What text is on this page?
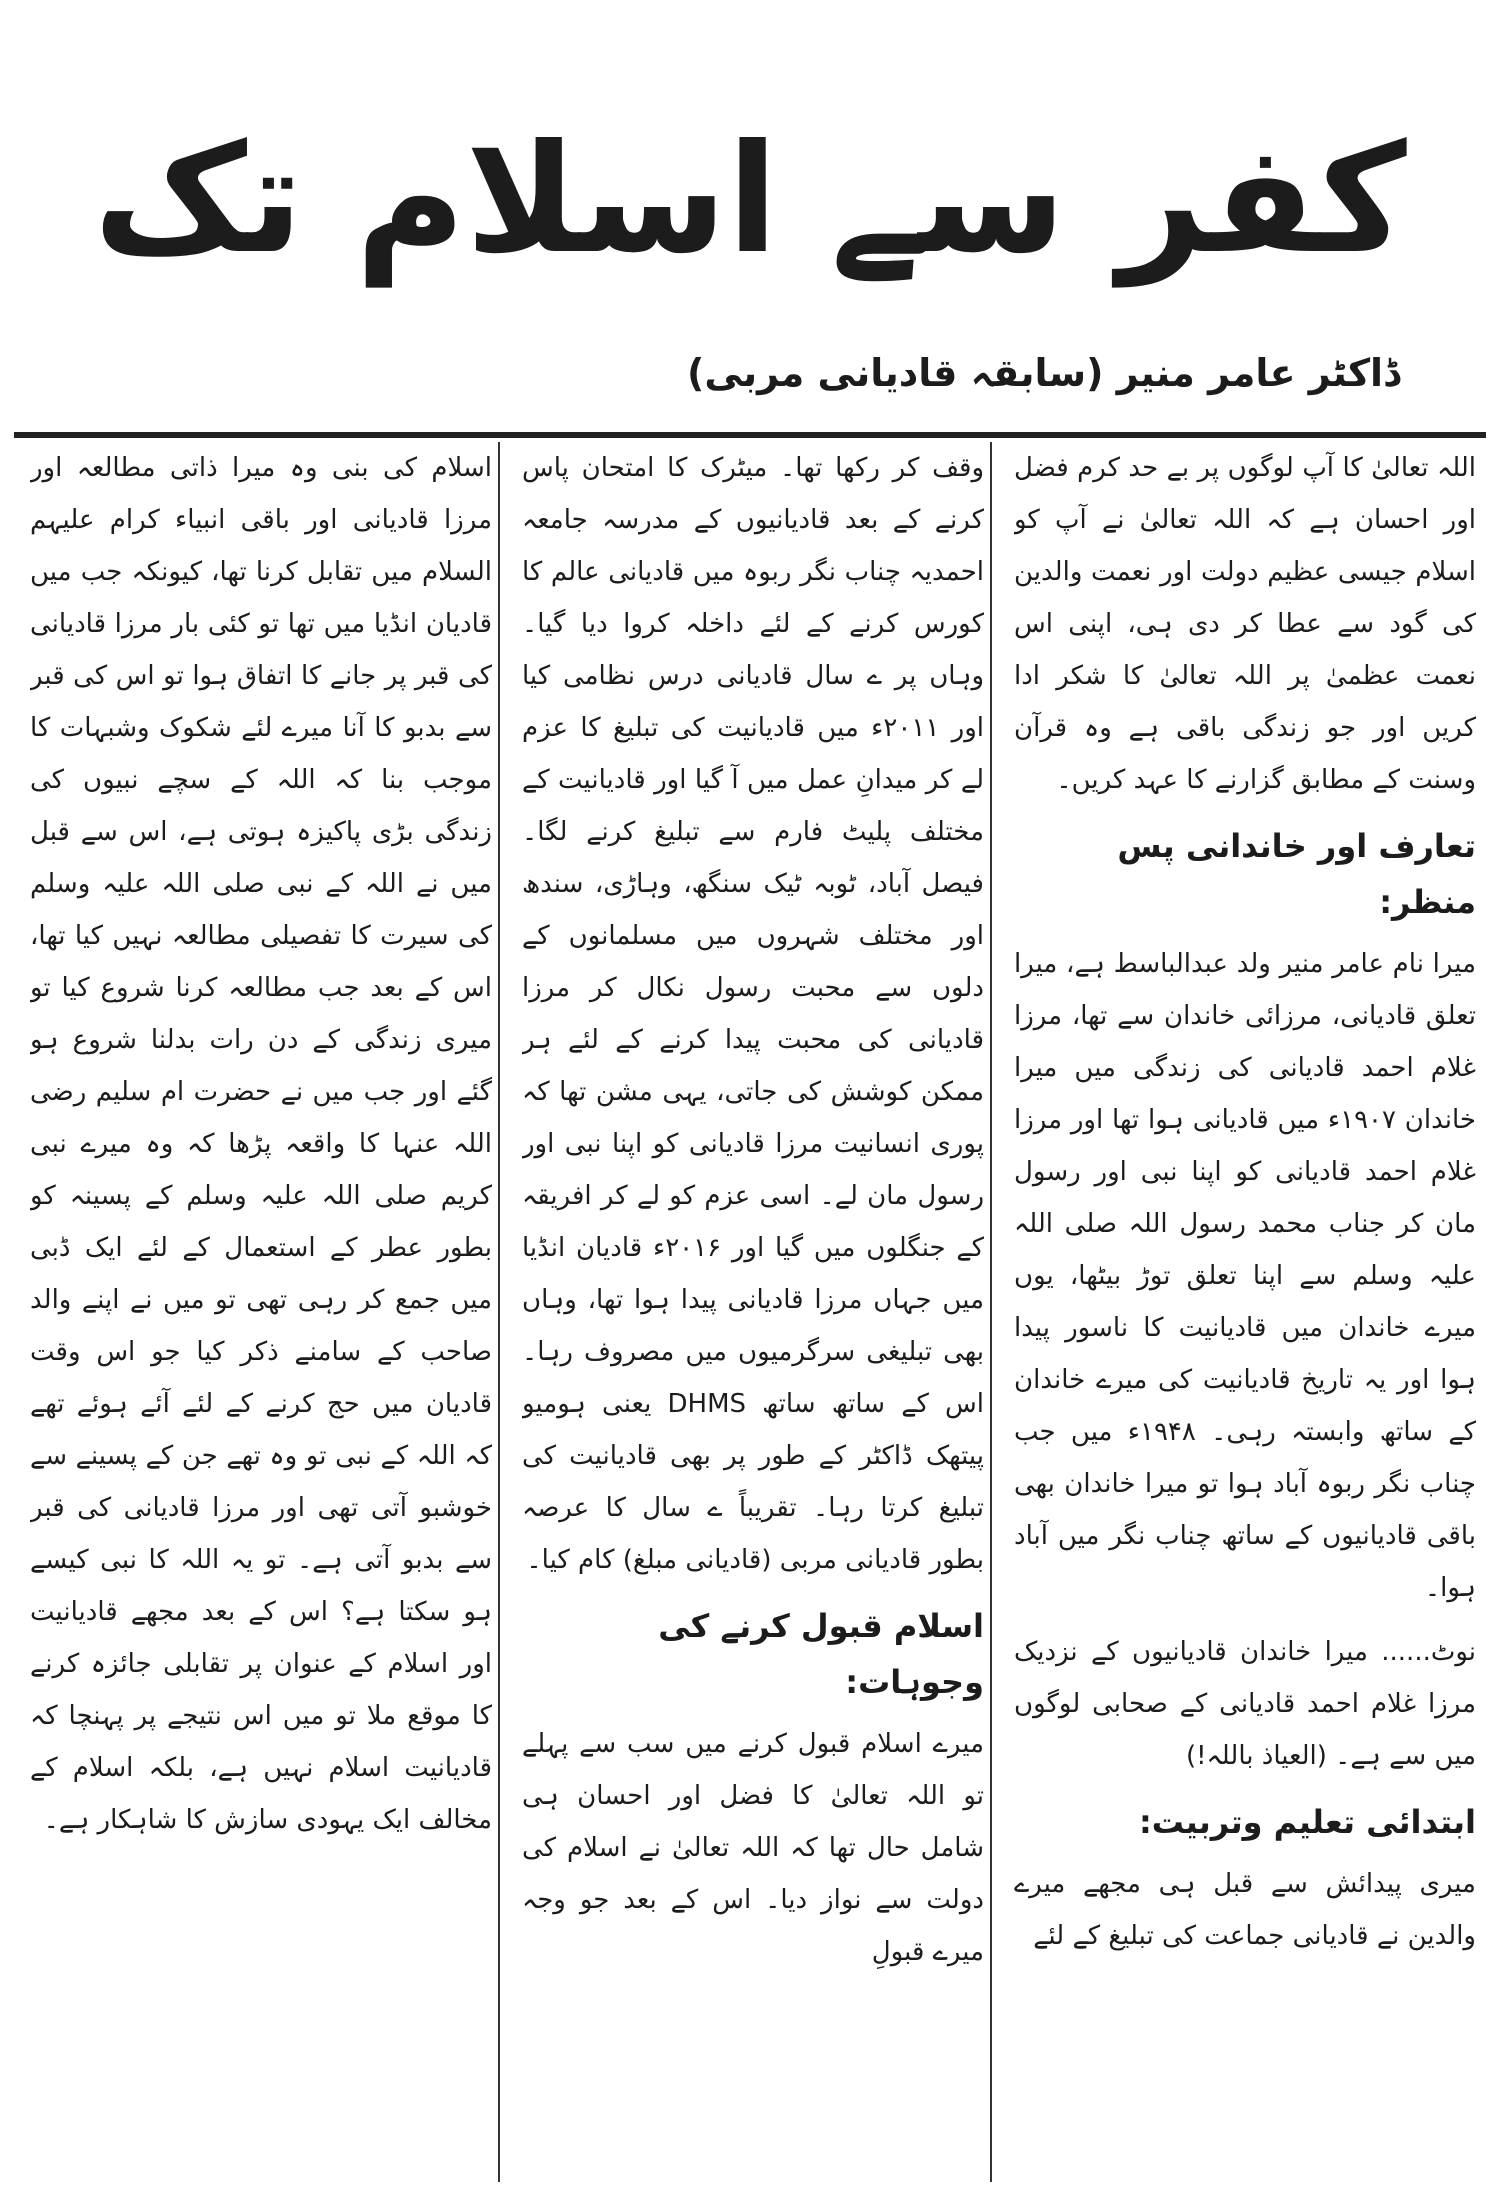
کفر سے اسلام تک
ڈاکٹر عامر منیر (سابقہ قادیانی مربی)

اللہ تعالیٰ کا آپ لوگوں پر بے حد کرم فضل اور احسان ہے کہ اللہ تعالیٰ نے آپ کو اسلام جیسی عظیم دولت اور نعمت والدین کی گود سے عطا کر دی ہی، اپنی اس نعمت عظمیٰ پر اللہ تعالیٰ کا شکر ادا کریں اور جو زندگی باقی ہے وہ قرآن وسنت کے مطابق گزارنے کا عہد کریں۔

تعارف اور خاندانی پس منظر:

میرا نام عامر منیر ولد عبدالباسط ہے، میرا تعلق قادیانی، مرزائی خاندان سے تھا، مرزا غلام احمد قادیانی کی زندگی میں میرا خاندان ۱۹۰۷ء میں قادیانی ہوا تھا اور مرزا غلام احمد قادیانی کو اپنا نبی اور رسول مان کر جناب محمد رسول اللہ صلی اللہ علیہ وسلم سے اپنا تعلق توڑ بیٹھا، یوں میرے خاندان میں قادیانیت کا ناسور پیدا ہوا اور یہ تاریخ قادیانیت کی میرے خاندان کے ساتھ وابستہ رہی۔ ۱۹۴۸ء میں جب چناب نگر ربوہ آباد ہوا تو میرا خاندان بھی باقی قادیانیوں کے ساتھ چناب نگر میں آباد ہوا۔

نوٹ...... میرا خاندان قادیانیوں کے نزدیک مرزا غلام احمد قادیانی کے صحابی لوگوں میں سے ہے۔ (العیاذ باللہ!)

ابتدائی تعلیم وتربیت:

میری پیدائش سے قبل ہی مجھے میرے والدین نے قادیانی جماعت کی تبلیغ کے لئے

وقف کر رکھا تھا۔ میٹرک کا امتحان پاس کرنے کے بعد قادیانیوں کے مدرسہ جامعہ احمدیہ چناب نگر ربوہ میں قادیانی عالم کا کورس کرنے کے لئے داخلہ کروا دیا گیا۔ وہاں پر ے سال قادیانی درس نظامی کیا اور ۲۰۱۱ء میں قادیانیت کی تبلیغ کا عزم لے کر میدانِ عمل میں آ گیا اور قادیانیت کے مختلف پلیٹ فارم سے تبلیغ کرنے لگا۔ فیصل آباد، ٹوبہ ٹیک سنگھ، وہاڑی، سندھ اور مختلف شہروں میں مسلمانوں کے دلوں سے محبت رسول نکال کر مرزا قادیانی کی محبت پیدا کرنے کے لئے ہر ممکن کوشش کی جاتی، یہی مشن تھا کہ پوری انسانیت مرزا قادیانی کو اپنا نبی اور رسول مان لے۔ اسی عزم کو لے کر افریقہ کے جنگلوں میں گیا اور ۲۰۱۶ء قادیان انڈیا میں جہاں مرزا قادیانی پیدا ہوا تھا، وہاں بھی تبلیغی سرگرمیوں میں مصروف رہا۔ اس کے ساتھ ساتھ DHMS یعنی ہومیو پیتھک ڈاکٹر کے طور پر بھی قادیانیت کی تبلیغ کرتا رہا۔ تقریباً ے سال کا عرصہ بطور قادیانی مربی (قادیانی مبلغ) کام کیا۔

اسلام قبول کرنے کی وجوہات:

میرے اسلام قبول کرنے میں سب سے پہلے تو اللہ تعالیٰ کا فضل اور احسان ہی شامل حال تھا کہ اللہ تعالیٰ نے اسلام کی دولت سے نواز دیا۔ اس کے بعد جو وجہ میرے قبولِ

اسلام کی بنی وہ میرا ذاتی مطالعہ اور مرزا قادیانی اور باقی انبیاء کرام علیہم السلام میں تقابل کرنا تھا، کیونکہ جب میں قادیان انڈیا میں تھا تو کئی بار مرزا قادیانی کی قبر پر جانے کا اتفاق ہوا تو اس کی قبر سے بدبو کا آنا میرے لئے شکوک وشبہات کا موجب بنا کہ اللہ کے سچے نبیوں کی زندگی بڑی پاکیزہ ہوتی ہے، اس سے قبل میں نے اللہ کے نبی صلی اللہ علیہ وسلم کی سیرت کا تفصیلی مطالعہ نہیں کیا تھا، اس کے بعد جب مطالعہ کرنا شروع کیا تو میری زندگی کے دن رات بدلنا شروع ہو گئے اور جب میں نے حضرت ام سلیم رضی اللہ عنہا کا واقعہ پڑھا کہ وہ میرے نبی کریم صلی اللہ علیہ وسلم کے پسینہ کو بطور عطر کے استعمال کے لئے ایک ڈبی میں جمع کر رہی تھی تو میں نے اپنے والد صاحب کے سامنے ذکر کیا جو اس وقت قادیان میں حج کرنے کے لئے آئے ہوئے تھے کہ اللہ کے نبی تو وہ تھے جن کے پسینے سے خوشبو آتی تھی اور مرزا قادیانی کی قبر سے بدبو آتی ہے۔ تو یہ اللہ کا نبی کیسے ہو سکتا ہے؟ اس کے بعد مجھے قادیانیت اور اسلام کے عنوان پر تقابلی جائزہ کرنے کا موقع ملا تو میں اس نتیجے پر پہنچا کہ قادیانیت اسلام نہیں ہے، بلکہ اسلام کے مخالف ایک یہودی سازش کا شاہکار ہے۔
